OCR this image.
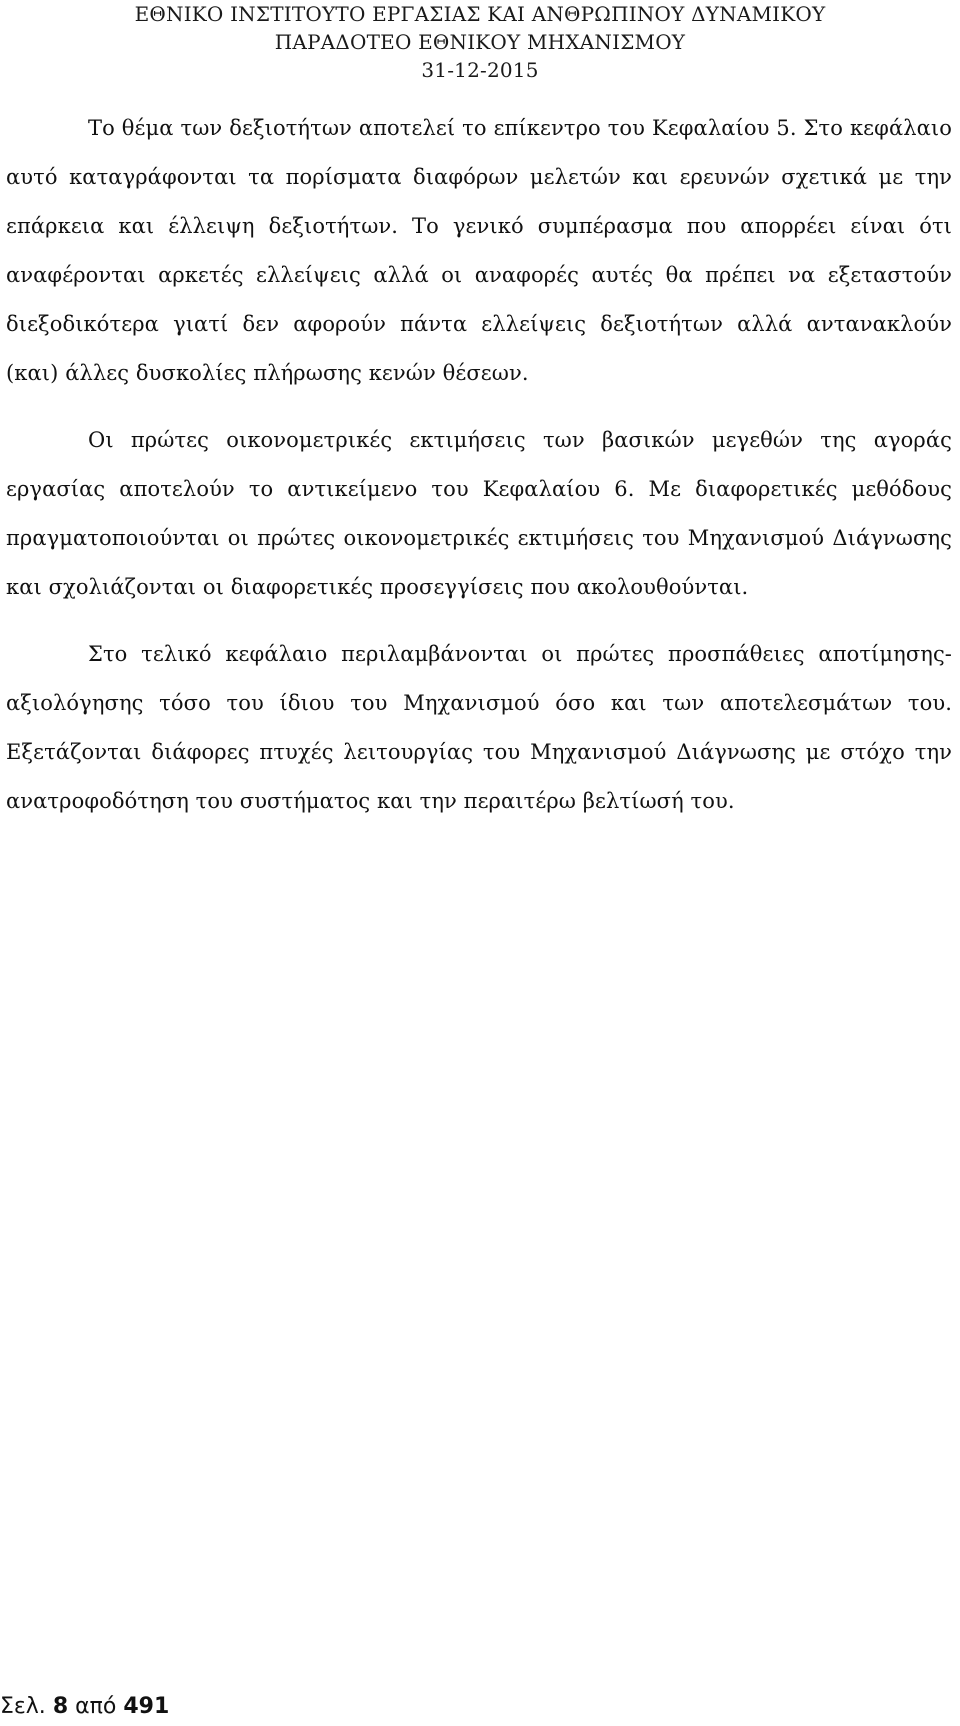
ΕΘΝΙΚΟ ΙΝΣΤΙΤΟΥΤΟ ΕΡΓΑΣΙΑΣ ΚΑΙ ΑΝΘΡΩΠΙΝΟΥ ΔΥΝΑΜΙΚΟΥ
ΠΑΡΑΔΟΤΕΟ ΕΘΝΙΚΟΥ ΜΗΧΑΝΙΣΜΟΥ
31-12-2015

Το θέμα των δεξιοτήτων αποτελεί το επίκεντρο του Κεφαλαίου 5. Στο κεφάλαιο αυτό καταγράφονται τα πορίσματα διαφόρων μελετών και ερευνών σχετικά με την επάρκεια και έλλειψη δεξιοτήτων. Το γενικό συμπέρασμα που απορρέει είναι ότι αναφέρονται αρκετές ελλείψεις αλλά οι αναφορές αυτές θα πρέπει να εξεταστούν διεξοδικότερα γιατί δεν αφορούν πάντα ελλείψεις δεξιοτήτων αλλά αντανακλούν (και) άλλες δυσκολίες πλήρωσης κενών θέσεων.

Οι πρώτες οικονομετρικές εκτιμήσεις των βασικών μεγεθών της αγοράς εργασίας αποτελούν το αντικείμενο του Κεφαλαίου 6. Με διαφορετικές μεθόδους πραγματοποιούνται οι πρώτες οικονομετρικές εκτιμήσεις του Μηχανισμού Διάγνωσης και σχολιάζονται οι διαφορετικές προσεγγίσεις που ακολουθούνται.

Στο τελικό κεφάλαιο περιλαμβάνονται οι πρώτες προσπάθειες αποτίμησης-αξιολόγησης τόσο του ίδιου του Μηχανισμού όσο και των αποτελεσμάτων του. Εξετάζονται διάφορες πτυχές λειτουργίας του Μηχανισμού Διάγνωσης με στόχο την ανατροφοδότηση του συστήματος και την περαιτέρω βελτίωσή του.

Σελ. 8 από 491
